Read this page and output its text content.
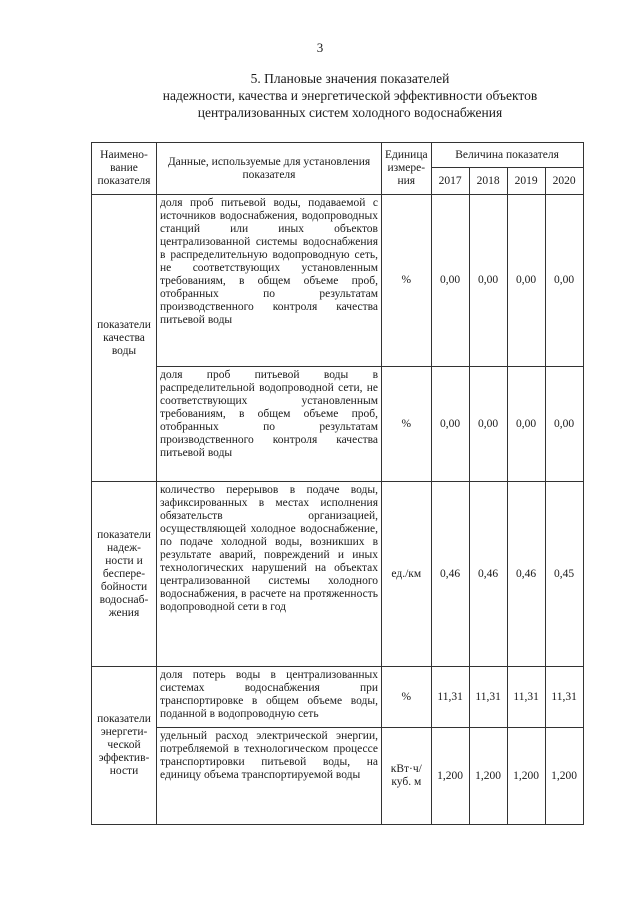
3
5. Плановые значения показателей
надежности, качества и энергетической эффективности объектов
централизованных систем холодного водоснабжения
Наимено-вание показателя	Данные, используемые для установления показателя	Единица измере-ния	Величина показателя			
			2017	2018	2019	2020
показатели качества воды	доля проб питьевой воды, подаваемой с источников водоснабжения, водопроводных станций или иных объектов централизованной системы водоснабжения в распределительную водопроводную сеть, не соответствующих установленным требованиям, в общем объеме проб, отобранных по результатам производственного контроля качества питьевой воды	%	0,00	0,00	0,00	0,00
	доля проб питьевой воды в распределительной водопроводной сети, не соответствующих установленным требованиям, в общем объеме проб, отобранных по результатам производственного контроля качества питьевой воды	%	0,00	0,00	0,00	0,00
показатели надеж-ности и беспере-бойности водоснаб-жения	количество перерывов в подаче воды, зафиксированных в местах исполнения обязательств организацией, осуществляющей холодное водоснабжение, по подаче холодной воды, возникших в результате аварий, повреждений и иных технологических нарушений на объектах централизованной системы холодного водоснабжения, в расчете на протяженность водопроводной сети в год	ед./км	0,46	0,46	0,46	0,45
показатели энергети-ческой эффектив-ности	доля потерь воды в централизованных системах водоснабжения при транспортировке в общем объеме воды, поданной в водопроводную сеть	%	11,31	11,31	11,31	11,31
	удельный расход электрической энергии, потребляемой в технологическом процессе транспортировки питьевой воды, на единицу объема транспортируемой воды	кВт·ч/ куб. м	1,200	1,200	1,200	1,200
